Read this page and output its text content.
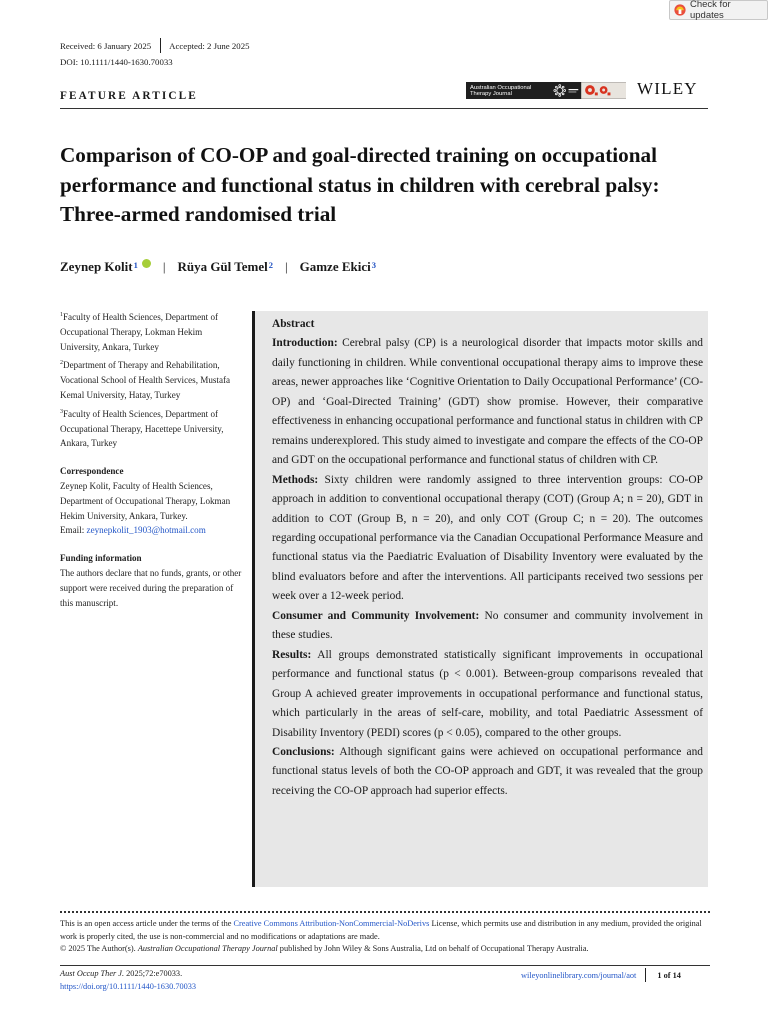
Check for updates
Received: 6 January 2025 Accepted: 2 June 2025
DOI: 10.1111/1440-1630.70033
FEATURE ARTICLE
Australian Occupational
Therapy Journal	WILEY
Comparison of CO-OP and goal-directed training on occupational performance and functional status in children with cerebral palsy: Three-armed randomised trial
Zeynep Kolit$^1$ | Rüya Gül Temel$^2$ | Gamze Ekici$^3$

$^1$Faculty of Health Sciences, Department of Occupational Therapy, Lokman Hekim University, Ankara, Turkey

$^2$Department of Therapy and Rehabilitation, Vocational School of Health Services, Mustafa Kemal University, Hatay, Turkey

$^3$Faculty of Health Sciences, Department of Occupational Therapy, Hacettepe University, Ankara, Turkey

Correspondence

Zeynep Kolit, Faculty of Health Sciences, Department of Occupational Therapy, Lokman Hekim University, Ankara, Turkey.

Email: zeynepkolit_1903@hotmail.com

Funding information

The authors declare that no funds, grants, or other support were received during the preparation of this manuscript.

Abstract

Introduction: Cerebral palsy (CP) is a neurological disorder that impacts motor skills and daily functioning in children. While conventional occupational therapy aims to improve these areas, newer approaches like ‘Cognitive Orientation to Daily Occupational Performance’ (CO-OP) and ‘Goal-Directed Training’ (GDT) show promise. However, their comparative effectiveness in enhancing occupational performance and functional status in children with CP remains underexplored. This study aimed to investigate and compare the effects of the CO-OP and GDT on the occupational performance and functional status of children with CP.

Methods: Sixty children were randomly assigned to three intervention groups: CO-OP approach in addition to conventional occupational therapy (COT) (Group A; n = 20), GDT in addition to COT (Group B, n = 20), and only COT (Group C; n = 20). The outcomes regarding occupational performance via the Canadian Occupational Performance Measure and functional status via the Paediatric Evaluation of Disability Inventory were evaluated by the blind evaluators before and after the interventions. All participants received two sessions per week over a 12-week period.

Consumer and Community Involvement: No consumer and community involvement in these studies.

Results: All groups demonstrated statistically significant improvements in occupational performance and functional status (p < 0.001). Between-group comparisons revealed that Group A achieved greater improvements in occupational performance and functional status, which particularly in the areas of self-care, mobility, and total Paediatric Assessment of Disability Inventory (PEDI) scores (p < 0.05), compared to the other groups.

Conclusions: Although significant gains were achieved on occupational performance and functional status levels of both the CO-OP approach and GDT, it was revealed that the group receiving the CO-OP approach had superior effects.

This is an open access article under the terms of the Creative Commons Attribution-NonCommercial-NoDerivs License, which permits use and distribution in any medium, provided the original work is properly cited, the use is non-commercial and no modifications or adaptations are made.

© 2025 The Author(s). Australian Occupational Therapy Journal published by John Wiley & Sons Australia, Ltd on behalf of Occupational Therapy Australia.

Aust Occup Ther J. 2025;72:e70033.
https://doi.org/10.1111/1440-1630.70033
wileyonlinelibrary.com/journal/aot	1 of 14
